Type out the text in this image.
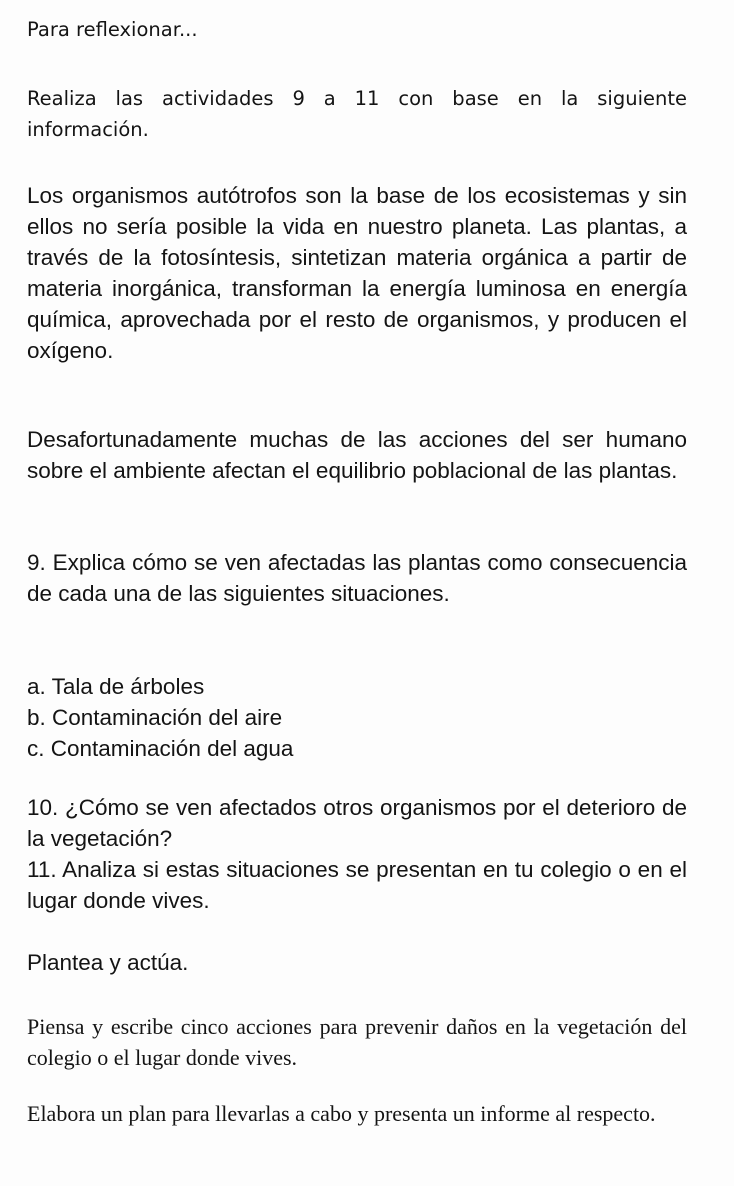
Para reflexionar...

Realiza las actividades 9 a 11 con base en la siguiente información.

Los organismos autótrofos son la base de los ecosistemas y sin ellos no sería posible la vida en nuestro planeta. Las plantas, a través de la fotosíntesis, sintetizan materia orgánica a partir de materia inorgánica, transforman la energía luminosa en energía química, aprovechada por el resto de organismos, y producen el oxígeno.

Desafortunadamente muchas de las acciones del ser humano sobre el ambiente afectan el equilibrio poblacional de las plantas.

9. Explica cómo se ven afectadas las plantas como consecuencia de cada una de las siguientes situaciones.

a. Tala de árboles
b. Contaminación del aire
c. Contaminación del agua

10. ¿Cómo se ven afectados otros organismos por el deterioro de la vegetación?

11. Analiza si estas situaciones se presentan en tu colegio o en el lugar donde vives.

Plantea y actúa.

Piensa y escribe cinco acciones para prevenir daños en la vegetación del colegio o el lugar donde vives.

Elabora un plan para llevarlas a cabo y presenta un informe al respecto.
